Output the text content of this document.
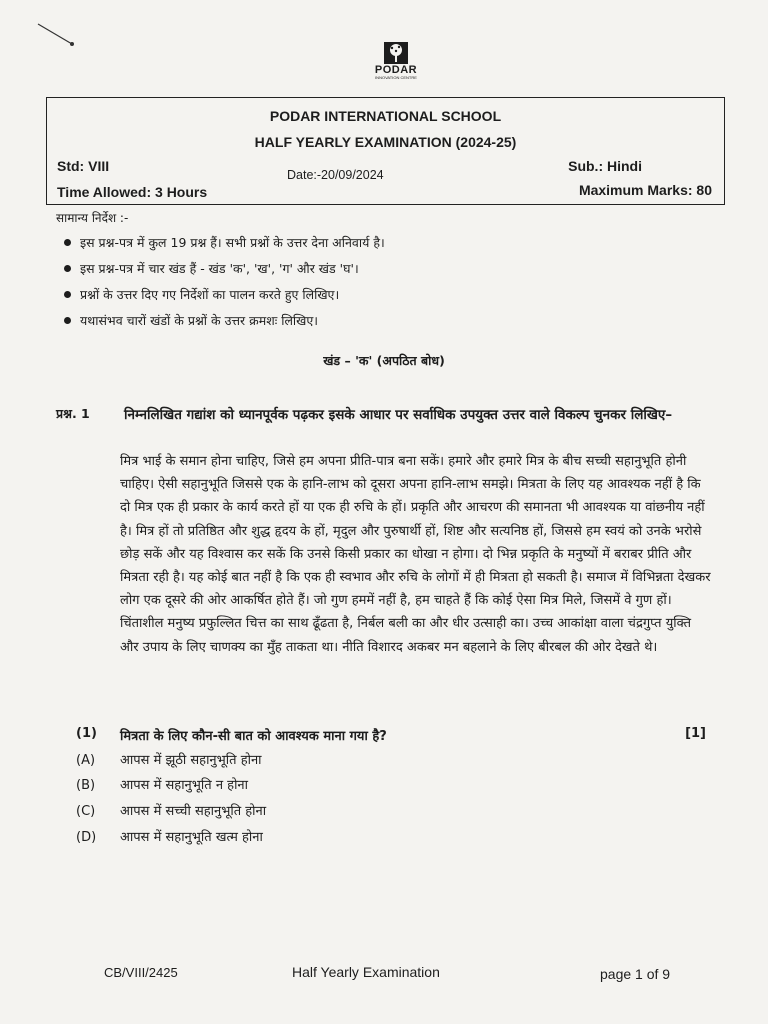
PODAR
INNOVATION CENTRE
PODAR INTERNATIONAL SCHOOL
HALF YEARLY EXAMINATION (2024-25)
Std: VIII
Date:-20/09/2024
Sub.: Hindi
Time Allowed: 3 Hours	Maximum Marks: 80
सामान्य निर्देश :-
इस प्रश्न-पत्र में कुल 19 प्रश्न हैं। सभी प्रश्नों के उत्तर देना अनिवार्य है।
इस प्रश्न-पत्र में चार खंड हैं - खंड 'क', 'ख', 'ग' और खंड 'घ'।
प्रश्नों के उत्तर दिए गए निर्देशों का पालन करते हुए लिखिए।
यथासंभव चारों खंडों के प्रश्नों के उत्तर क्रमशः लिखिए।
खंड – 'क' (अपठित बोध)
प्रश्न. 1	निम्नलिखित गद्यांश को ध्यानपूर्वक पढ़कर इसके आधार पर सर्वाधिक उपयुक्त उत्तर वाले विकल्प चुनकर लिखिए–
मित्र भाई के समान होना चाहिए, जिसे हम अपना प्रीति-पात्र बना सकें। हमारे और हमारे मित्र के बीच सच्ची सहानुभूति होनी चाहिए। ऐसी सहानुभूति जिससे एक के हानि-लाभ को दूसरा अपना हानि-लाभ समझे। मित्रता के लिए यह आवश्यक नहीं है कि दो मित्र एक ही प्रकार के कार्य करते हों या एक ही रुचि के हों। प्रकृति और आचरण की समानता भी आवश्यक या वांछनीय नहीं है। मित्र हों तो प्रतिष्ठित और शुद्ध हृदय के हों, मृदुल और पुरुषार्थी हों, शिष्ट और सत्यनिष्ठ हों, जिससे हम स्वयं को उनके भरोसे छोड़ सकें और यह विश्वास कर सकें कि उनसे किसी प्रकार का धोखा न होगा। दो भिन्न प्रकृति के मनुष्यों में बराबर प्रीति और मित्रता रही है। यह कोई बात नहीं है कि एक ही स्वभाव और रुचि के लोगों में ही मित्रता हो सकती है। समाज में विभिन्नता देखकर लोग एक दूसरे की ओर आकर्षित होते हैं। जो गुण हममें नहीं है, हम चाहते हैं कि कोई ऐसा मित्र मिले, जिसमें वे गुण हों। चिंताशील मनुष्य प्रफुल्लित चित्त का साथ ढूँढता है, निर्बल बली का और धीर उत्साही का। उच्च आकांक्षा वाला चंद्रगुप्त युक्ति और उपाय के लिए चाणक्य का मुँह ताकता था। नीति विशारद अकबर मन बहलाने के लिए बीरबल की ओर देखते थे।
(1) मित्रता के लिए कौन-सी बात को आवश्यक माना गया है?	[1]
(A) आपस में झूठी सहानुभूति होना
(B) आपस में सहानुभूति न होना
(C) आपस में सच्ची सहानुभूति होना
(D) आपस में सहानुभूति खत्म होना
CB/VIII/2425	Half Yearly Examination	page 1 of 9
